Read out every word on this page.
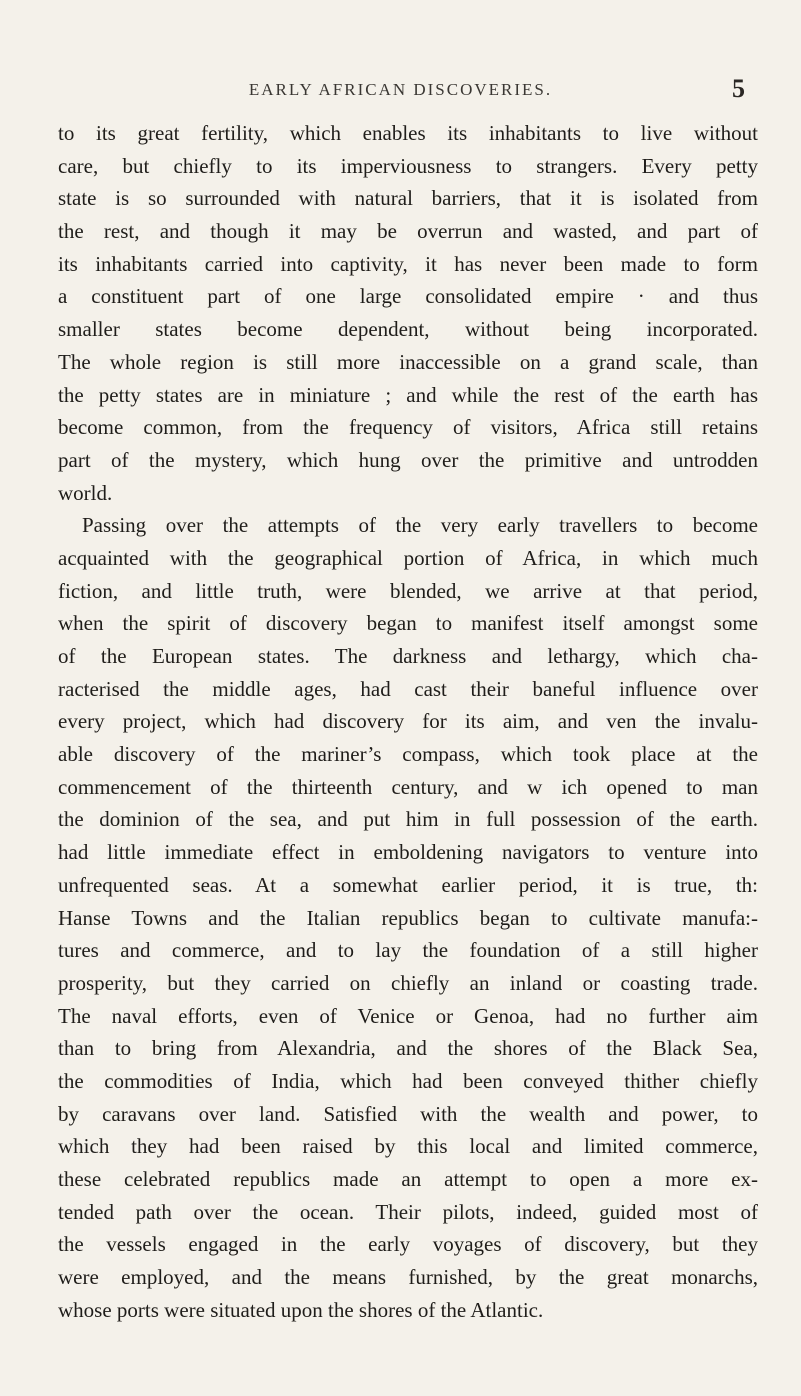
EARLY AFRICAN DISCOVERIES.	5
to its great fertility, which enables its inhabitants to live without
care, but chiefly to its imperviousness to strangers. Every petty
state is so surrounded with natural barriers, that it is isolated from
the rest, and though it may be overrun and wasted, and part of
its inhabitants carried into captivity, it has never been made to form
a constituent part of one large consolidated empire · and thus
smaller states become dependent, without being incorporated.
The whole region is still more inaccessible on a grand scale, than
the petty states are in miniature ; and while the rest of the earth has
become common, from the frequency of visitors, Africa still retains
part of the mystery, which hung over the primitive and untrodden
world.
Passing over the attempts of the very early travellers to become
acquainted with the geographical portion of Africa, in which much
fiction, and little truth, were blended, we arrive at that period,
when the spirit of discovery began to manifest itself amongst some
of the European states. The darkness and lethargy, which cha-
racterised the middle ages, had cast their baneful influence over
every project, which had discovery for its aim, and ven the invalu-
able discovery of the mariner’s compass, which took place at the
commencement of the thirteenth century, and w ich opened to man
the dominion of the sea, and put him in full possession of the earth.
had little immediate effect in emboldening navigators to venture into
unfrequented seas. At a somewhat earlier period, it is true, th:
Hanse Towns and the Italian republics began to cultivate manufa:-
tures and commerce, and to lay the foundation of a still higher
prosperity, but they carried on chiefly an inland or coasting trade.
The naval efforts, even of Venice or Genoa, had no further aim
than to bring from Alexandria, and the shores of the Black Sea,
the commodities of India, which had been conveyed thither chiefly
by caravans over land. Satisfied with the wealth and power, to
which they had been raised by this local and limited commerce,
these celebrated republics made an attempt to open a more ex-
tended path over the ocean. Their pilots, indeed, guided most of
the vessels engaged in the early voyages of discovery, but they
were employed, and the means furnished, by the great monarchs,
whose ports were situated upon the shores of the Atlantic.
